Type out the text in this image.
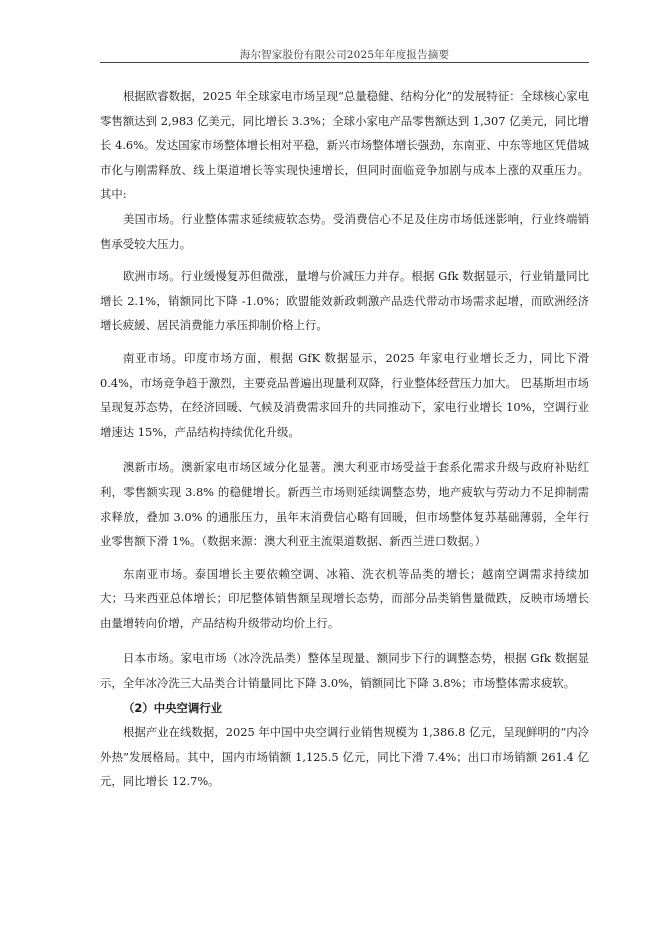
海尔智家股份有限公司2025年年度报告摘要

根据欧睿数据，2025 年全球家电市场呈现“总量稳健、结构分化”的发展特征：全球核心家电零售额达到 2,983 亿美元，同比增长 3.3%；全球小家电产品零售额达到 1,307 亿美元，同比增长 4.6%。发达国家市场整体增长相对平稳，新兴市场整体增长强劲，东南亚、中东等地区凭借城市化与刚需释放、线上渠道增长等实现快速增长，但同时面临竞争加剧与成本上涨的双重压力。其中:

美国市场。行业整体需求延续疲软态势。受消费信心不足及住房市场低迷影响，行业终端销售承受较大压力。

欧洲市场。行业缓慢复苏但微涨，量增与价减压力并存。根据 Gfk 数据显示，行业销量同比增长 2.1%，销额同比下降 -1.0%；欧盟能效新政刺激产品迭代带动市场需求起增，而欧洲经济增长疲緩、居民消费能力承压抑制价格上行。

南亚市场。印度市场方面，根据 GfK 数据显示，2025 年家电行业增长乏力，同比下滑 0.4%，市场竞争趋于激烈，主要竞品普遍出现量利双降，行业整体经营压力加大。 巴基斯坦市场呈现复苏态势，在经济回暖、气候及消费需求回升的共同推动下，家电行业增长 10%，空调行业增速达 15%，产品结构持续优化升级。

澳新市场。澳新家电市场区域分化显著。澳大利亚市场受益于套系化需求升级与政府补贴红利，零售额实现 3.8% 的稳健增长。新西兰市场则延续调整态势，地产疲软与劳动力不足抑制需求释放，叠加 3.0% 的通胀压力，虽年末消费信心略有回暖，但市场整体复苏基础薄弱，全年行业零售额下滑 1%。（数据来源：澳大利亚主流渠道数据、新西兰进口数据。）

东南亚市场。泰国增长主要依赖空调、冰箱、洗衣机等品类的增长；越南空调需求持续加大；马来西亚总体增长；印尼整体销售额呈现增长态势，而部分品类销售量微跌，反映市场增长由量增转向价增，产品结构升级带动均价上行。

日本市场。家电市场（冰冷洗品类）整体呈现量、额同步下行的调整态势，根据 Gfk 数据显示，全年冰冷洗三大品类合计销量同比下降 3.0%，销额同比下降 3.8%；市场整体需求疲软。

（2）中央空调行业

根据产业在线数据，2025 年中国中央空调行业销售规模为 1,386.8 亿元，呈现鲜明的“内冷外热”发展格局。其中，国内市场销额 1,125.5 亿元，同比下滑 7.4%；出口市场销额 261.4 亿元，同比增长 12.7%。
